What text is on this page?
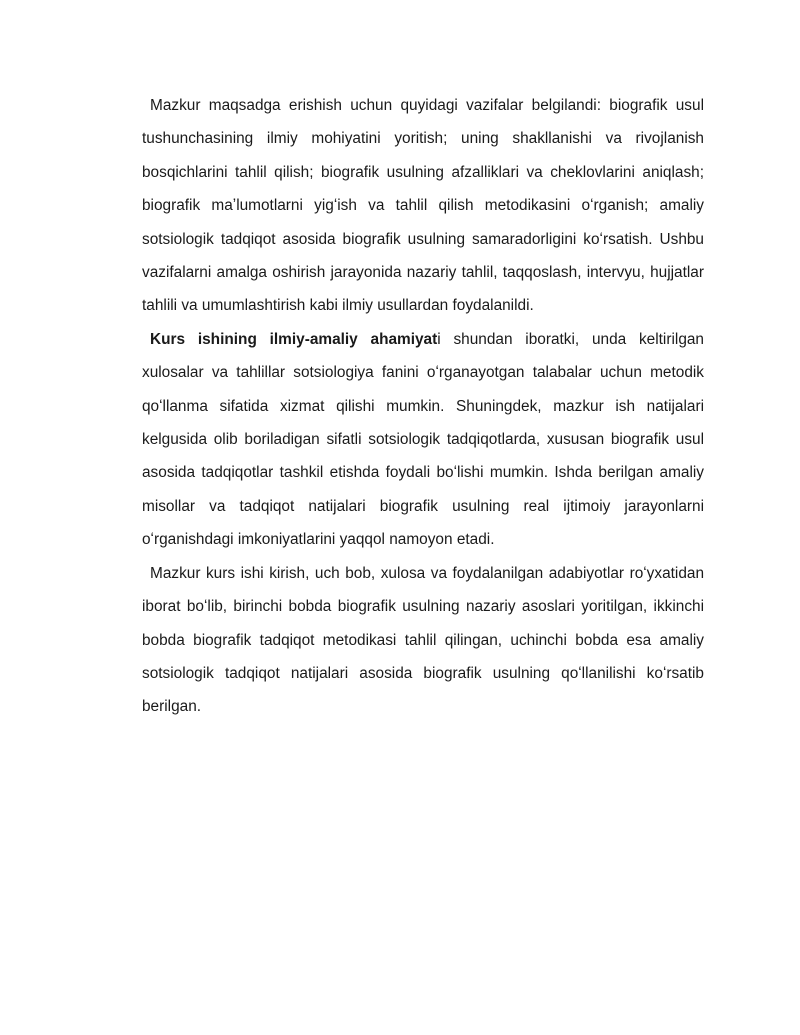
Mazkur maqsadga erishish uchun quyidagi vazifalar belgilandi: biografik usul tushunchasining ilmiy mohiyatini yoritish; uning shakllanishi va rivojlanish bosqichlarini tahlil qilish; biografik usulning afzalliklari va cheklovlarini aniqlash; biografik maʼlumotlarni yigʻish va tahlil qilish metodikasini oʻrganish; amaliy sotsiologik tadqiqot asosida biografik usulning samaradorligini koʻrsatish. Ushbu vazifalarni amalga oshirish jarayonida nazariy tahlil, taqqoslash, intervyu, hujjatlar tahlili va umumlashtirish kabi ilmiy usullardan foydalanildi.

Kurs ishining ilmiy-amaliy ahamiyati shundan iboratki, unda keltirilgan xulosalar va tahlillar sotsiologiya fanini oʻrganayotgan talabalar uchun metodik qoʻllanma sifatida xizmat qilishi mumkin. Shuningdek, mazkur ish natijalari kelgusida olib boriladigan sifatli sotsiologik tadqiqotlarda, xususan biografik usul asosida tadqiqotlar tashkil etishda foydali boʻlishi mumkin. Ishda berilgan amaliy misollar va tadqiqot natijalari biografik usulning real ijtimoiy jarayonlarni oʻrganishdagi imkoniyatlarini yaqqol namoyon etadi.

Mazkur kurs ishi kirish, uch bob, xulosa va foydalanilgan adabiyotlar roʻyxatidan iborat boʻlib, birinchi bobda biografik usulning nazariy asoslari yoritilgan, ikkinchi bobda biografik tadqiqot metodikasi tahlil qilingan, uchinchi bobda esa amaliy sotsiologik tadqiqot natijalari asosida biografik usulning qoʻllanilishi koʻrsatib berilgan.
